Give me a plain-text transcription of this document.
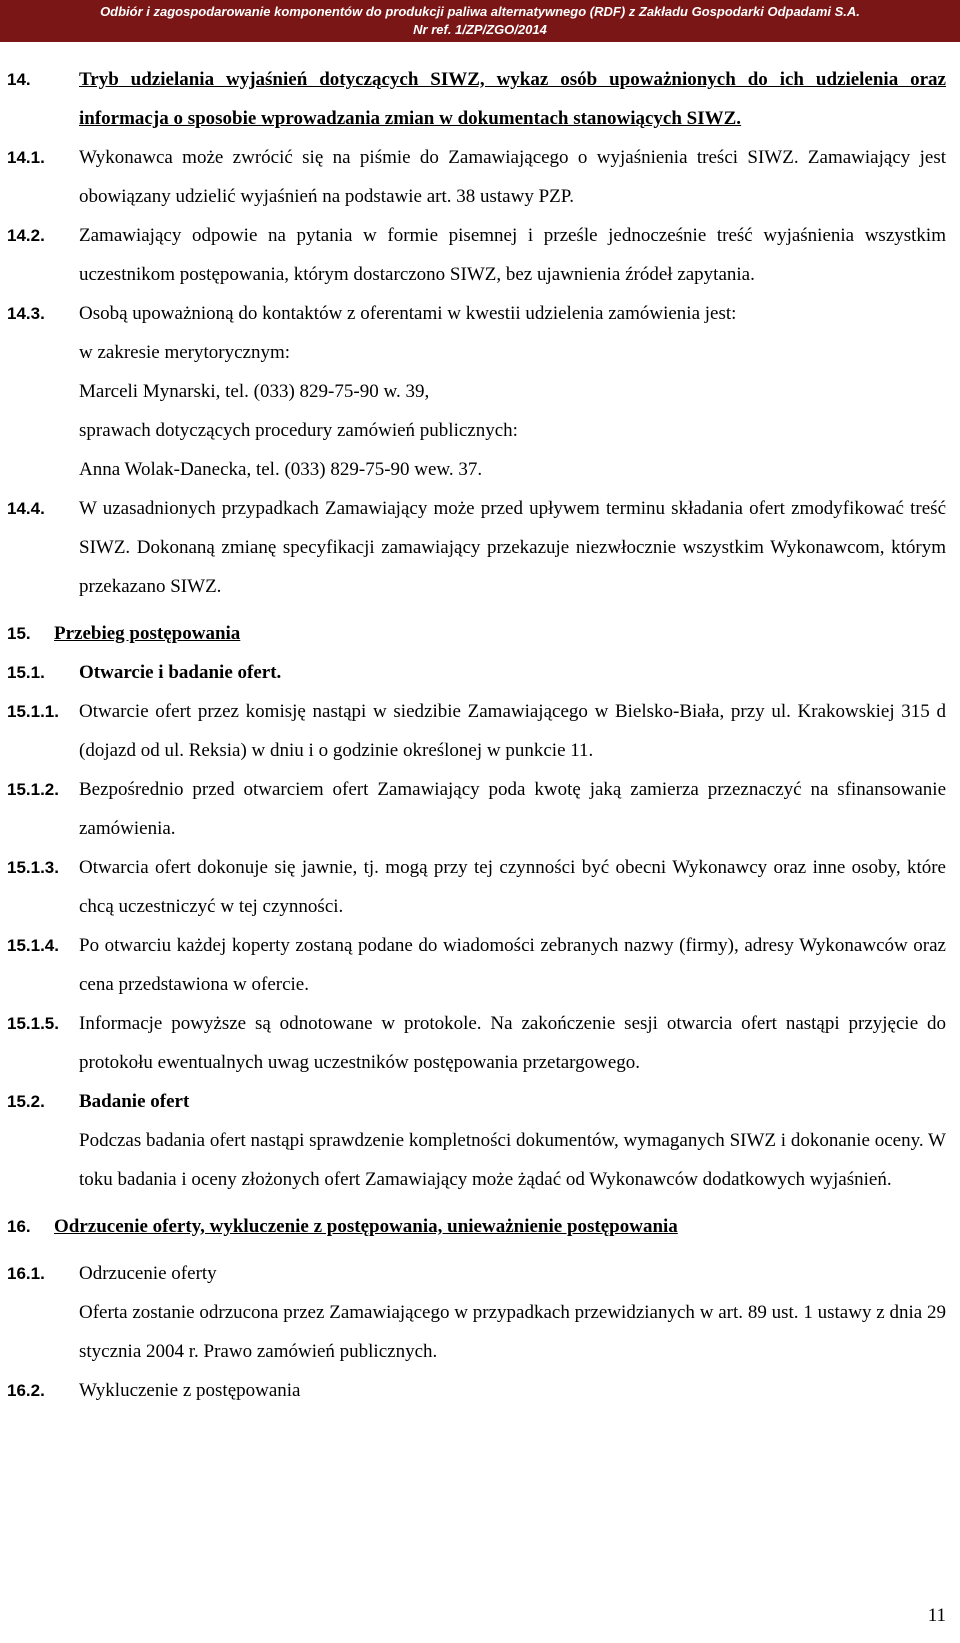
Odbiór i zagospodarowanie komponentów do produkcji paliwa alternatywnego (RDF) z Zakładu Gospodarki Odpadami S.A.
Nr ref. 1/ZP/ZGO/2014
14.	Tryb udzielania wyjaśnień dotyczących SIWZ, wykaz osób upoważnionych do ich udzielenia oraz informacja o sposobie wprowadzania zmian w dokumentach stanowiących SIWZ.
14.1. Wykonawca może zwrócić się na piśmie do Zamawiającego o wyjaśnienia treści SIWZ. Zamawiający jest obowiązany udzielić wyjaśnień na podstawie art. 38 ustawy PZP.
14.2. Zamawiający odpowie na pytania w formie pisemnej i prześle jednocześnie treść wyjaśnienia wszystkim uczestnikom postępowania, którym dostarczono SIWZ, bez ujawnienia źródeł zapytania.
14.3. Osobą upoważnioną do kontaktów z oferentami w kwestii udzielenia zamówienia jest:
w zakresie merytorycznym:
Marceli Mynarski, tel. (033) 829-75-90 w. 39,
sprawach dotyczących procedury zamówień publicznych:
Anna Wolak-Danecka, tel. (033) 829-75-90 wew. 37.
14.4. W uzasadnionych przypadkach Zamawiający może przed upływem terminu składania ofert zmodyfikować treść SIWZ. Dokonaną zmianę specyfikacji zamawiający przekazuje niezwłocznie wszystkim Wykonawcom, którym przekazano SIWZ.
15. Przebieg postępowania
15.1. Otwarcie i badanie ofert.
15.1.1. Otwarcie ofert przez komisję nastąpi w siedzibie Zamawiającego w Bielsko-Biała, przy ul. Krakowskiej 315 d (dojazd od ul. Reksia) w dniu i o godzinie określonej w punkcie 11.
15.1.2. Bezpośrednio przed otwarciem ofert Zamawiający poda kwotę jaką zamierza przeznaczyć na sfinansowanie zamówienia.
15.1.3. Otwarcia ofert dokonuje się jawnie, tj. mogą przy tej czynności być obecni Wykonawcy oraz inne osoby, które chcą uczestniczyć w tej czynności.
15.1.4. Po otwarciu każdej koperty zostaną podane do wiadomości zebranych nazwy (firmy), adresy Wykonawców oraz cena przedstawiona w ofercie.
15.1.5. Informacje powyższe są odnotowane w protokole. Na zakończenie sesji otwarcia ofert nastąpi przyjęcie do protokołu ewentualnych uwag uczestników postępowania przetargowego.
15.2. Badanie ofert
Podczas badania ofert nastąpi sprawdzenie kompletności dokumentów, wymaganych SIWZ i dokonanie oceny. W toku badania i oceny złożonych ofert Zamawiający może żądać od Wykonawców dodatkowych wyjaśnień.
16. Odrzucenie oferty, wykluczenie z postępowania, unieważnienie postępowania
16.1. Odrzucenie oferty
Oferta zostanie odrzucona przez Zamawiającego w przypadkach przewidzianych w art. 89 ust. 1 ustawy z dnia 29 stycznia 2004 r. Prawo zamówień publicznych.
16.2. Wykluczenie z postępowania
11
